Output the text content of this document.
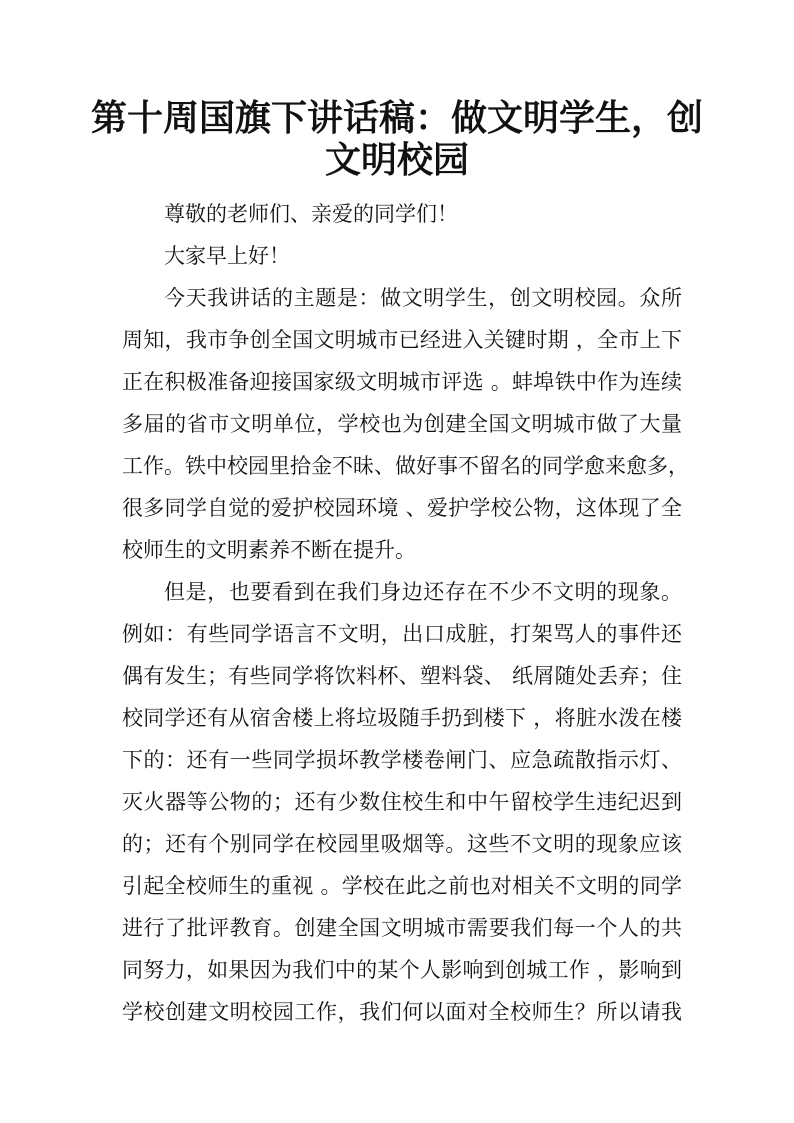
第十周国旗下讲话稿：做文明学生，创
文明校园
尊敬的老师们、亲爱的同学们！
大家早上好！
今天我讲话的主题是：做文明学生，创文明校园。众所
周知，我市争创全国文明城市已经进入关键时期 ，全市上下
正在积极准备迎接国家级文明城市评选 。蚌埠铁中作为连续
多届的省市文明单位，学校也为创建全国文明城市做了大量
工作。铁中校园里拾金不昧、做好事不留名的同学愈来愈多，
很多同学自觉的爱护校园环境 、爱护学校公物，这体现了全
校师生的文明素养不断在提升。
但是，也要看到在我们身边还存在不少不文明的现象。
例如：有些同学语言不文明，出口成脏，打架骂人的事件还
偶有发生；有些同学将饮料杯、塑料袋、 纸屑随处丢弃；住
校同学还有从宿舍楼上将垃圾随手扔到楼下 ，将脏水泼在楼
下的：还有一些同学损坏教学楼卷闸门、应急疏散指示灯、
灭火器等公物的；还有少数住校生和中午留校学生违纪迟到
的；还有个别同学在校园里吸烟等。这些不文明的现象应该
引起全校师生的重视 。学校在此之前也对相关不文明的同学
进行了批评教育。创建全国文明城市需要我们每一个人的共
同努力，如果因为我们中的某个人影响到创城工作 ，影响到
学校创建文明校园工作，我们何以面对全校师生？所以请我
